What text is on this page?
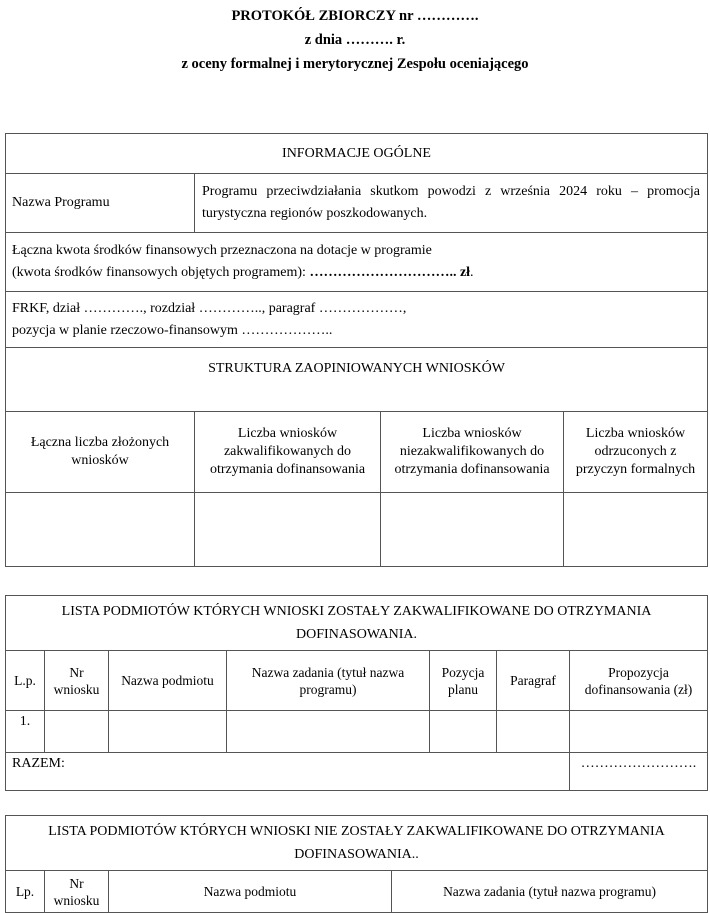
PROTOKÓŁ ZBIORCZY nr ………….
z dnia ………. r.
z oceny formalnej i merytorycznej Zespołu oceniającego
INFORMACJE OGÓLNE			
Nazwa Programu	Programu przeciwdziałania skutkom powodzi z września 2024 roku – promocja turystyczna regionów poszkodowanych.		

Łączna kwota środków finansowych przeznaczona na dotacje w programie
(kwota środków finansowych objętych programem): ………………………….. zł.			

FRKF, dział …………., rozdział ………….., paragraf ………………,
pozycja w planie rzeczowo-finansowym ………………..			

STRUKTURA ZAOPINIOWANYCH WNIOSKÓW			
Łączna liczba złożonych wniosków	Liczba wniosków zakwalifikowanych do otrzymania dofinansowania	Liczba wniosków niezakwalifikowanych do otrzymania dofinansowania	Liczba wniosków odrzuconych z przyczyn formalnych

LISTA PODMIOTÓW KTÓRYCH WNIOSKI ZOSTAŁY ZAKWALIFIKOWANE DO OTRZYMANIA DOFINASOWANIA.						
L.p.	Nr wniosku	Nazwa podmiotu	Nazwa zadania (tytuł nazwa programu)	Pozycja planu	Paragraf	Propozycja dofinansowania (zł)
1.						
RAZEM:						…………………….
LISTA PODMIOTÓW KTÓRYCH WNIOSKI NIE ZOSTAŁY ZAKWALIFIKOWANE DO OTRZYMANIA DOFINASOWANIA..
Lp.	Nr wniosku	Nazwa podmiotu	Nazwa zadania (tytuł nazwa programu)
